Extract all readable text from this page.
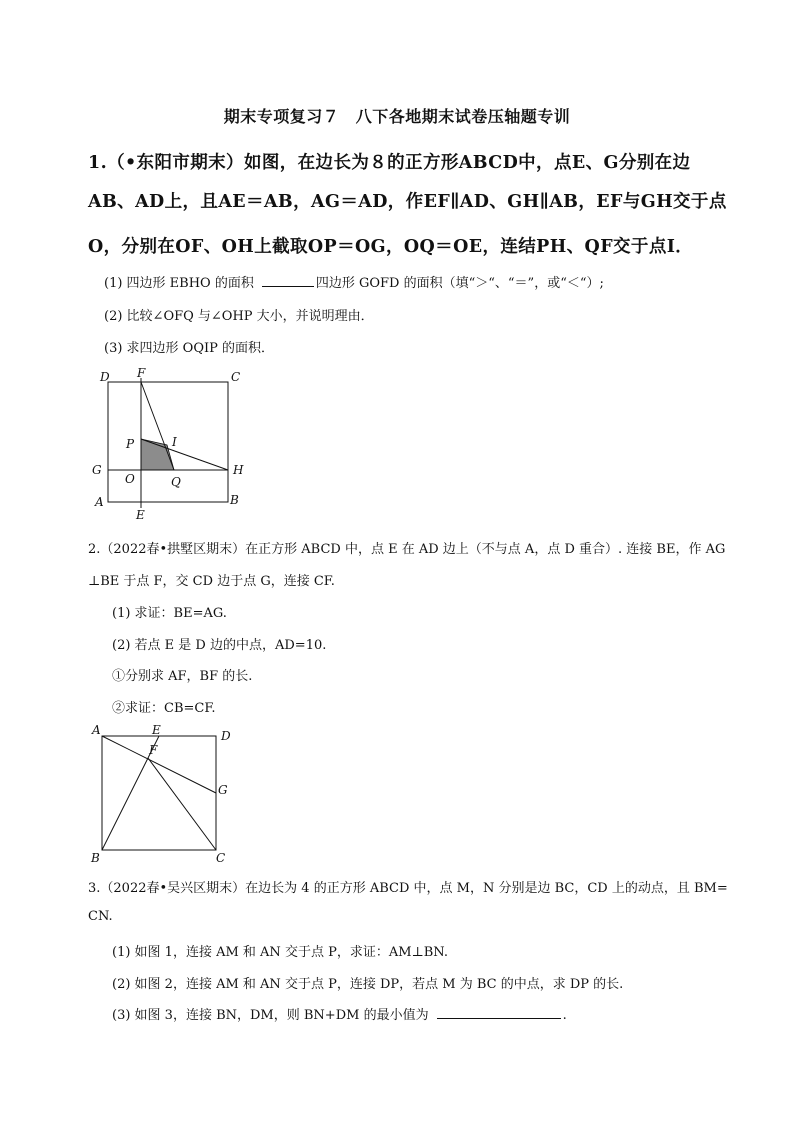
期末专项复习７　八下各地期末试卷压轴题专训
1.（•东阳市期末）如图，在边长为８的正方形ABCD中，点E、G分别在边
AB、AD上，且AE＝AB，AG＝AD，作EF∥AD、GH∥AB，EF与GH交于点
O，分别在OF、OH上截取OP＝OG，OQ＝OE，连结PH、QF交于点I．
(1) 四边形 EBHO 的面积	四边形 GOFD 的面积（填“＞“、“＝”，或“＜“）;
(2) 比较∠OFQ 与∠OHP 大小，并说明理由．
(3) 求四边形 OQIP 的面积．
D F	C
P	I
G	H
O	Q
A	B
E
2.（2022春•拱墅区期末）在正方形 ABCD 中，点 E 在 AD 边上（不与点 A，点 D 重合）. 连接 BE，作 AG
⊥BE 于点 F，交 CD 边于点 G，连接 CF.
(1) 求证：BE=AG.
(2) 若点 E 是 D 边的中点，AD=10.
①分别求 AF，BF 的长.
②求证：CB=CF.
A	E	D
F
G
B	C
3.（2022春•吴兴区期末）在边长为 4 的正方形 ABCD 中，点 M，N 分别是边 BC，CD 上的动点，且 BM=
CN.
(1) 如图 1，连接 AM 和 AN 交于点 P，求证：AM⊥BN.
(2) 如图 2，连接 AM 和 AN 交于点 P，连接 DP，若点 M 为 BC 的中点，求 DP 的长.
(3) 如图 3，连接 BN，DM，则 BN+DM 的最小值为	.
